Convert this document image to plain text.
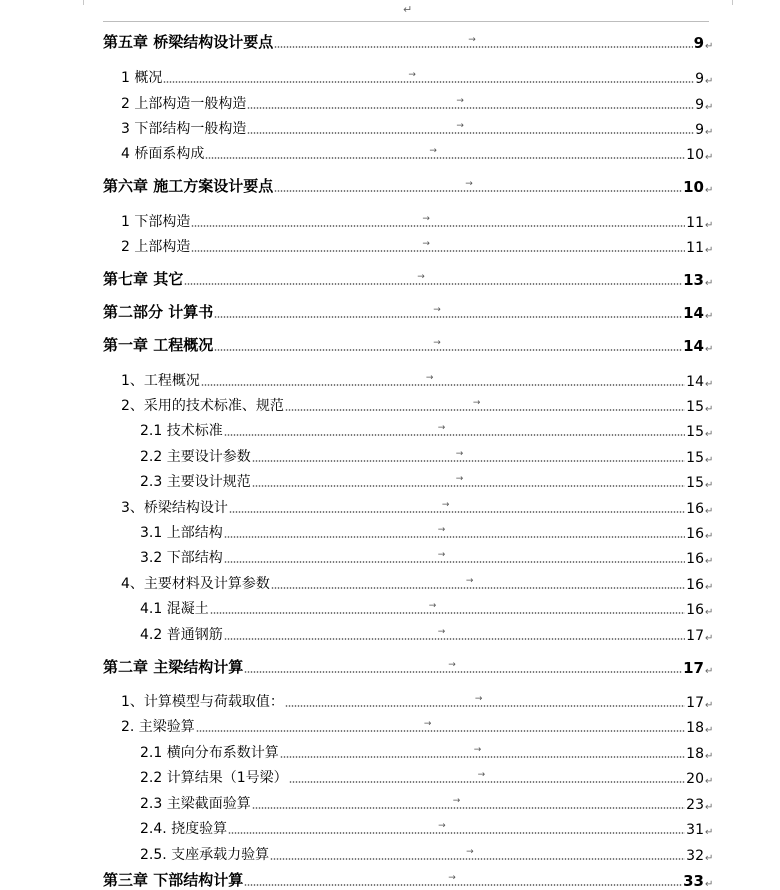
↵
第五章 桥梁结构设计要点	→	9 ↵
1 概况	→	9 ↵
2 上部构造一般构造	→	9 ↵
3 下部结构一般构造	→	9 ↵
4 桥面系构成	→	10 ↵
第六章 施工方案设计要点	→	10 ↵
1 下部构造	→	11 ↵
2 上部构造	→	11 ↵
第七章 其它	→	13 ↵
第二部分 计算书	→	14 ↵
第一章 工程概况	→	14 ↵
1、工程概况	→	14 ↵
2、采用的技术标准、规范	→	15 ↵
2.1 技术标准	→	15 ↵
2.2 主要设计参数	→	15 ↵
2.3 主要设计规范	→	15 ↵
3、桥梁结构设计	→	16 ↵
3.1 上部结构	→	16 ↵
3.2 下部结构	→	16 ↵
4、主要材料及计算参数	→	16 ↵
4.1 混凝土	→	16 ↵
4.2 普通钢筋	→	17 ↵
第二章 主梁结构计算	→	17 ↵
1、计算模型与荷载取值：	→	17 ↵
2. 主梁验算	→	18 ↵
2.1 横向分布系数计算	→	18 ↵
2.2 计算结果（1号梁）	→	20 ↵
2.3 主梁截面验算	→	23 ↵
2.4. 挠度验算	→	31 ↵
2.5. 支座承载力验算	→	32 ↵
第三章 下部结构计算	→	33 ↵
